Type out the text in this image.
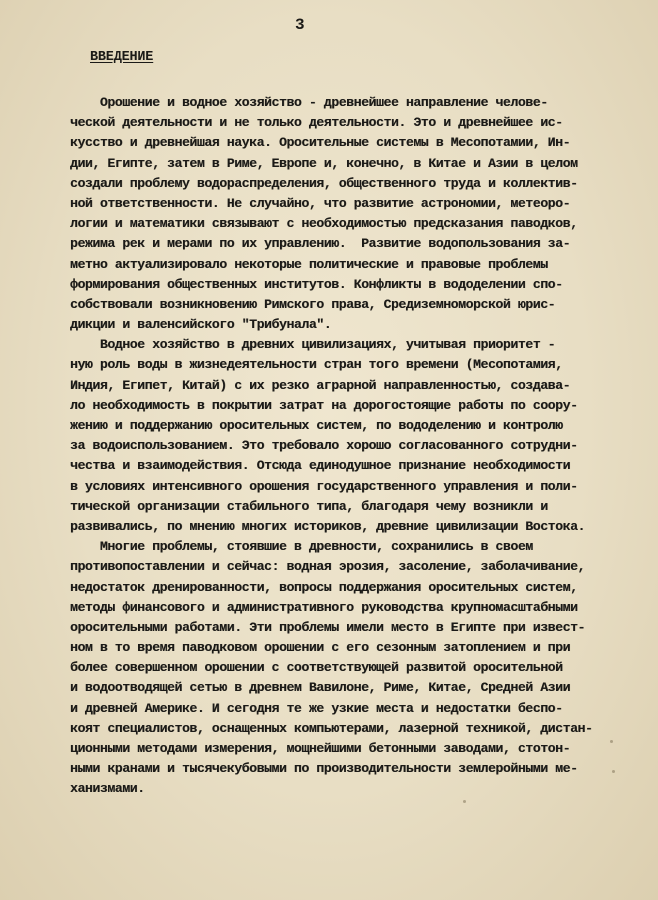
3
ВВЕДЕНИЕ
Орошение и водное хозяйство - древнейшее направление челове-
ческой деятельности и не только деятельности. Это и древнейшее ис-
кусство и древнейшая наука. Оросительные системы в Месопотамии, Ин-
дии, Египте, затем в Риме, Европе и, конечно, в Китае и Азии в целом
создали проблему водораспределения, общественного труда и коллектив-
ной ответственности. Не случайно, что развитие астрономии, метеоро-
логии и математики связывают с необходимостью предсказания паводков,
режима рек и мерами по их управлению.  Развитие водопользования за-
метно актуализировало некоторые политические и правовые проблемы
формирования общественных институтов. Конфликты в вододелении спо-
собствовали возникновению Римского права, Средиземноморской юрис-
дикции и валенсийского "Трибунала".
Водное хозяйство в древних цивилизациях, учитывая приоритет -
ную роль воды в жизнедеятельности стран того времени (Месопотамия,
Индия, Египет, Китай) с их резко аграрной направленностью, создава-
ло необходимость в покрытии затрат на дорогостоящие работы по соору-
жению и поддержанию оросительных систем, по вододелению и контролю
за водоиспользованием. Это требовало хорошо согласованного сотрудни-
чества и взаимодействия. Отсюда единодушное признание необходимости
в условиях интенсивного орошения государственного управления и поли-
тической организации стабильного типа, благодаря чему возникли и
развивались, по мнению многих историков, древние цивилизации Востока.
Многие проблемы, стоявшие в древности, сохранились в своем
противопоставлении и сейчас: водная эрозия, засоление, заболачивание,
недостаток дренированности, вопросы поддержания оросительных систем,
методы финансового и административного руководства крупномасштабными
оросительными работами. Эти проблемы имели место в Египте при извест-
ном в то время паводковом орошении с его сезонным затоплением и при
более совершенном орошении с соответствующей развитой оросительной
и водоотводящей сетью в древнем Вавилоне, Риме, Китае, Средней Азии
и древней Америке. И сегодня те же узкие места и недостатки беспо-
коят специалистов, оснащенных компьютерами, лазерной техникой, дистан-
ционными методами измерения, мощнейшими бетонными заводами, стотон-
ными кранами и тысячекубовыми по производительности землеройными ме-
ханизмами.
